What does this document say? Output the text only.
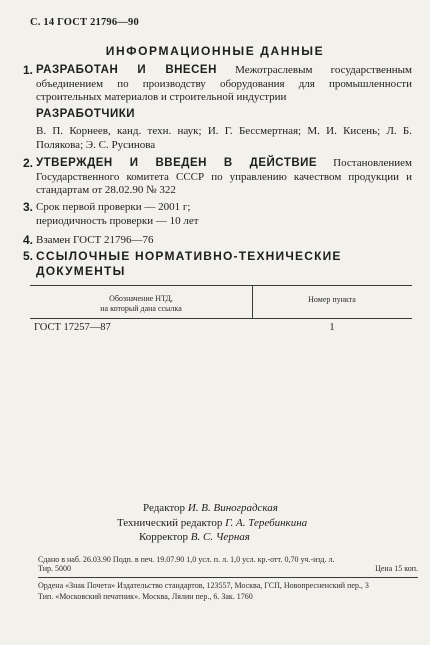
С. 14 ГОСТ 21796—90
ИНФОРМАЦИОННЫЕ ДАННЫЕ
1. РАЗРАБОТАН И ВНЕСЕН Межотраслевым государственным объединением по производству оборудования для промышленности строительных материалов и строительной индустрии
РАЗРАБОТЧИКИ
В. П. Корнеев, канд. техн. наук; И. Г. Бессмертная; М. И. Кисень; Л. Б. Полякова; Э. С. Русинова
2. УТВЕРЖДЕН И ВВЕДЕН В ДЕЙСТВИЕ Постановлением Государственного комитета СССР по управлению качеством продукции и стандартам от 28.02.90 № 322
3. Срок первой проверки — 2001 г;
периодичность проверки — 10 лет
4. Взамен ГОСТ 21796—76
5. ССЫЛОЧНЫЕ НОРМАТИВНО-ТЕХНИЧЕСКИЕ ДОКУМЕНТЫ
Обозначение НТД,
на который дана ссылка
Номер пункта
ГОСТ 17257—87	1
Редактор И. В. Виноградская
Технический редактор Г. А. Теребинкина
Корректор В. С. Черная
Сдано в наб. 26.03.90 Подп. в печ. 19.07.90 1,0 усл. п. л. 1,0 усл. кр.-отт. 0,70 уч.-изд. л.
Тир. 5000	Цена 15 коп.
Ордена «Знак Почета» Издательство стандартов, 123557, Москва, ГСП, Новопресненский пер., 3
Тип. «Московский печатник». Москва, Лялин пер., 6. Зак. 1760
